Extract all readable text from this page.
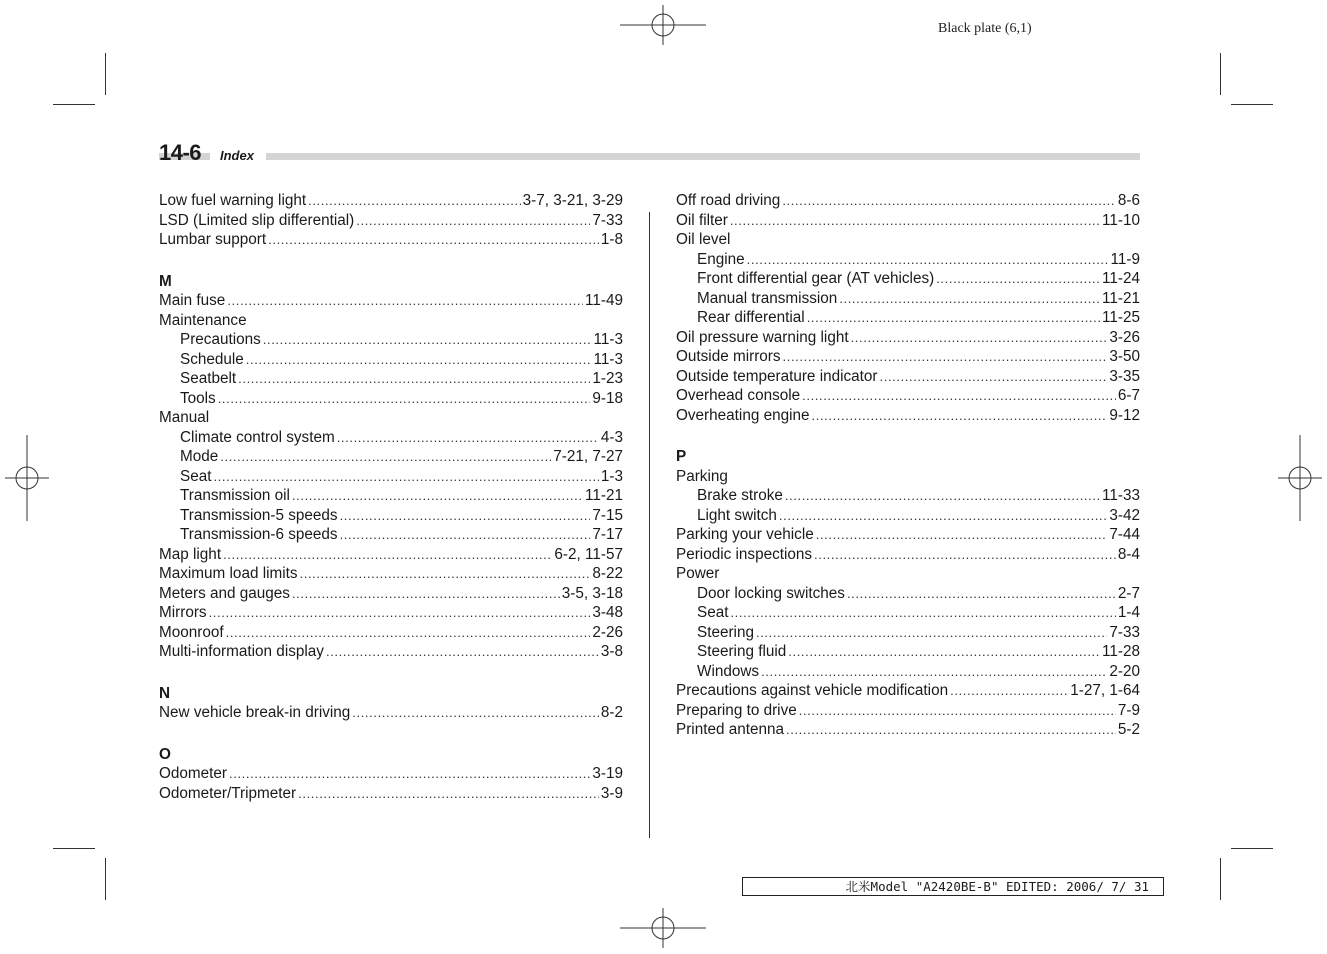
Black plate (6,1)
14-6 Index
Low fuel warning light .....	3-7, 3-21, 3-29
LSD (Limited slip differential) .....	7-33
Lumbar support .....	1-8
M
Main fuse .....	11-49
Maintenance
Precautions .....	11-3
Schedule .....	11-3
Seatbelt .....	1-23
Tools .....	9-18
Manual
Climate control system .....	4-3
Mode .....	7-21, 7-27
Seat .....	1-3
Transmission oil .....	11-21
Transmission-5 speeds .....	7-15
Transmission-6 speeds .....	7-17
Map light .....	6-2, 11-57
Maximum load limits .....	8-22
Meters and gauges .....	3-5, 3-18
Mirrors .....	3-48
Moonroof .....	2-26
Multi-information display .....	3-8
N
New vehicle break-in driving .....	8-2
O
Odometer .....	3-19
Odometer/Tripmeter .....	3-9
Off road driving .....	8-6
Oil filter .....	11-10
Oil level
Engine .....	11-9
Front differential gear (AT vehicles) .....	11-24
Manual transmission .....	11-21
Rear differential .....	11-25
Oil pressure warning light .....	3-26
Outside mirrors .....	3-50
Outside temperature indicator .....	3-35
Overhead console .....	6-7
Overheating engine .....	9-12
P
Parking
Brake stroke .....	11-33
Light switch .....	3-42
Parking your vehicle .....	7-44
Periodic inspections .....	8-4
Power
Door locking switches .....	2-7
Seat .....	1-4
Steering .....	7-33
Steering fluid .....	11-28
Windows .....	2-20
Precautions against vehicle modification .....	1-27, 1-64
Preparing to drive .....	7-9
Printed antenna .....	5-2
北米Model "A2420BE-B" EDITED: 2006/ 7/ 31
